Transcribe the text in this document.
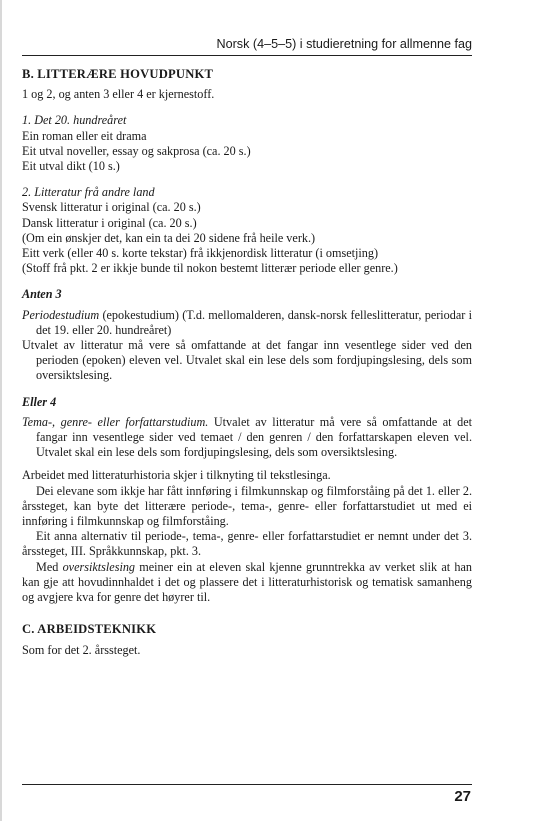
Norsk (4–5–5) i studieretning for allmenne fag

B. LITTERÆRE HOVUDPUNKT

1 og 2, og anten 3 eller 4 er kjernestoff.

1. Det 20. hundreåret

Ein roman eller eit drama

Eit utval noveller, essay og sakprosa (ca. 20 s.)

Eit utval dikt (10 s.)

2. Litteratur frå andre land

Svensk litteratur i original (ca. 20 s.)

Dansk litteratur i original (ca. 20 s.)

(Om ein ønskjer det, kan ein ta dei 20 sidene frå heile verk.)

Eitt verk (eller 40 s. korte tekstar) frå ikkjenordisk litteratur (i omsetjing)

(Stoff frå pkt. 2 er ikkje bunde til nokon bestemt litterær periode eller genre.)

Anten 3

Periodestudium (epokestudium) (T.d. mellomalderen, dansk-norsk felleslitteratur, periodar i det 19. eller 20. hundreåret)

Utvalet av litteratur må vere så omfattande at det fangar inn vesentlege sider ved den perioden (epoken) eleven vel. Utvalet skal ein lese dels som fordjupingslesing, dels som oversiktslesing.

Eller 4

Tema-, genre- eller forfattarstudium. Utvalet av litteratur må vere så omfattande at det fangar inn vesentlege sider ved temaet / den genren / den forfattarskapen eleven vel. Utvalet skal ein lese dels som fordjupingslesing, dels som oversiktslesing.

Arbeidet med litteraturhistoria skjer i tilknyting til tekstlesinga.

Dei elevane som ikkje har fått innføring i filmkunnskap og filmforståing på det 1. eller 2. årssteget, kan byte det litterære periode-, tema-, genre- eller forfattarstudiet ut med ei innføring i filmkunnskap og filmforståing.

Eit anna alternativ til periode-, tema-, genre- eller forfattarstudiet er nemnt under det 3. årssteget, III. Språkkunnskap, pkt. 3.

Med oversiktslesing meiner ein at eleven skal kjenne grunntrekka av verket slik at han kan gje att hovudinnhaldet i det og plassere det i litteraturhistorisk og tematisk samanheng og avgjere kva for genre det høyrer til.

C. ARBEIDSTEKNIKK

Som for det 2. årssteget.

27
